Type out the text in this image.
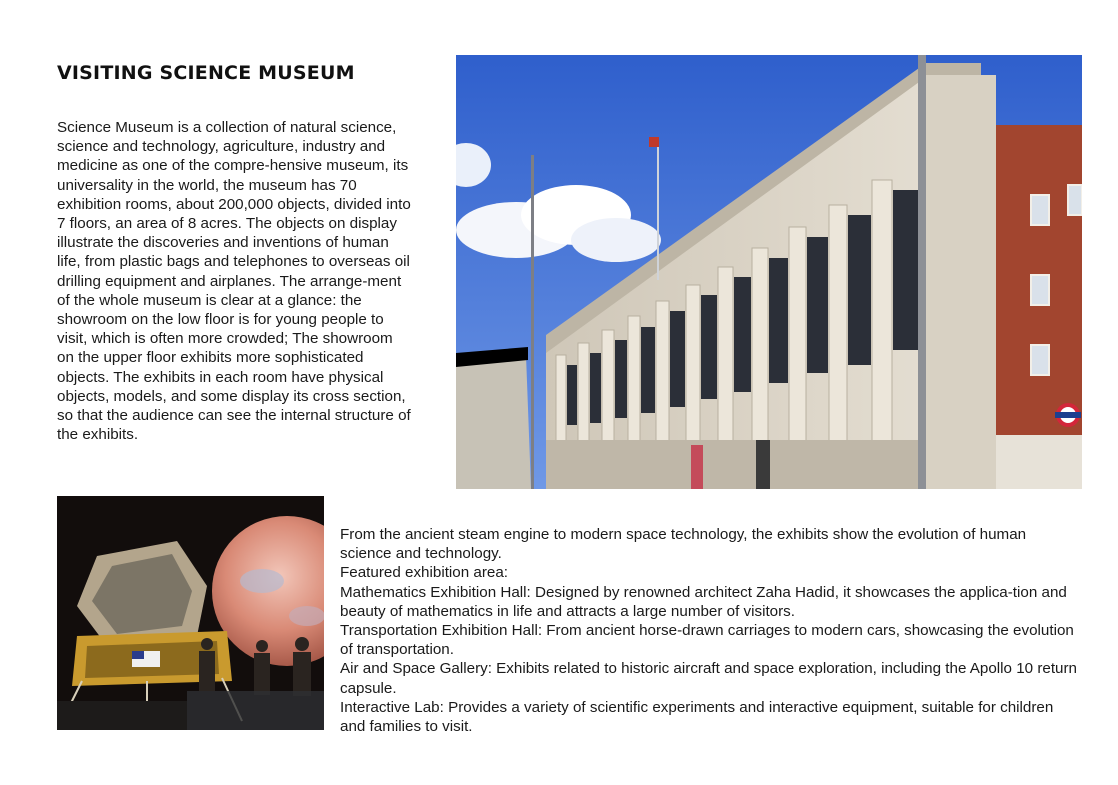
VISITING SCIENCE MUSEUM
Science Museum is a collection of natural science, science and technology, agriculture, industry and medicine as one of the compre-hensive museum, its universality in the world, the museum has 70 exhibition rooms, about 200,000 objects, divided into 7 floors, an area of 8 acres. The objects on display illustrate the discoveries and inventions of human life, from plastic bags and telephones to overseas oil drilling equipment and airplanes. The arrange-ment of the whole museum is clear at a glance: the showroom on the low floor is for young people to visit, which is often more crowded; The showroom on the upper floor exhibits more sophisticated objects. The exhibits in each room have physical objects, models, and some display its cross section, so that the audience can see the internal structure of the exhibits.

From the ancient steam engine to modern space technology, the exhibits show the evolution of human science and technology.

Featured exhibition area:

Mathematics Exhibition Hall: Designed by renowned architect Zaha Hadid, it showcases the applica-tion and beauty of mathematics in life and attracts a large number of visitors.

Transportation Exhibition Hall: From ancient horse-drawn carriages to modern cars, showcasing the evolution of transportation.

Air and Space Gallery: Exhibits related to historic aircraft and space exploration, including the Apollo 10 return capsule.

Interactive Lab: Provides a variety of scientific experiments and interactive equipment, suitable for children and families to visit.
